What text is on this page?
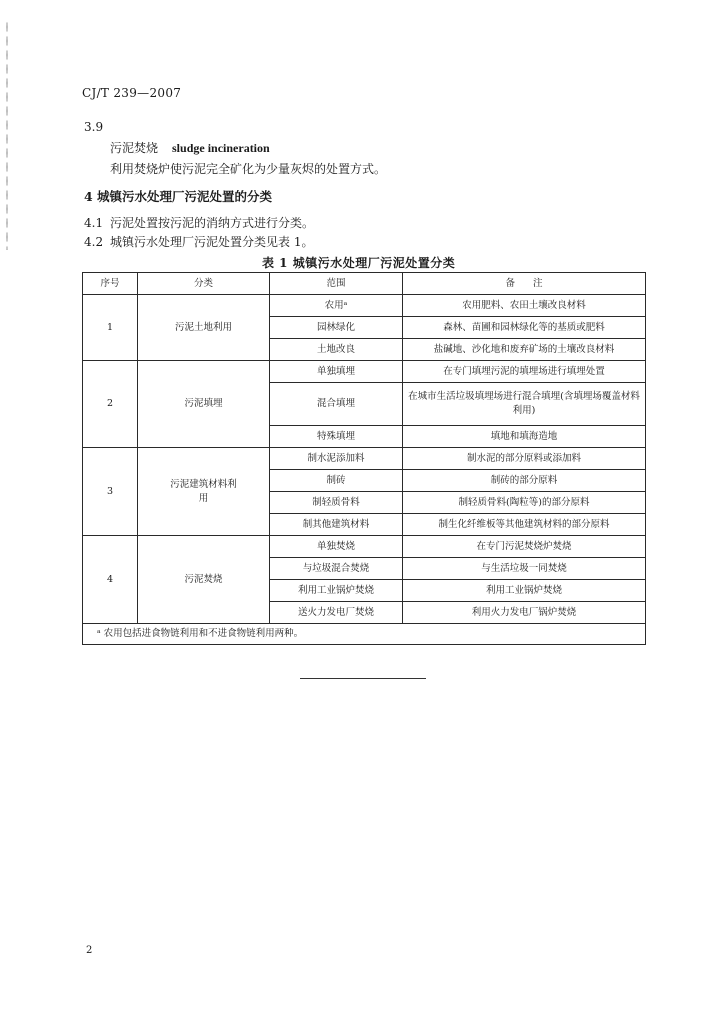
CJ/T 239—2007
3.9
污泥焚烧 sludge incineration
利用焚烧炉使污泥完全矿化为少量灰烬的处置方式。
4 城镇污水处理厂污泥处置的分类
4.1 污泥处置按污泥的消纳方式进行分类。
4.2 城镇污水处理厂污泥处置分类见表 1。
表 1 城镇污水处理厂污泥处置分类
序号	分类	范围	备      注
1	污泥土地利用	农用ᵃ	农用肥料、农田土壤改良材料
		园林绿化	森林、苗圃和园林绿化等的基质或肥料
		土地改良	盐碱地、沙化地和废弃矿场的土壤改良材料
2	污泥填埋	单独填埋	在专门填埋污泥的填埋场进行填埋处置
		混合填埋	在城市生活垃圾填埋场进行混合填埋(含填埋场覆盖材料利用)
		特殊填埋	填地和填海造地
3	污泥建筑材料利用	制水泥添加料	制水泥的部分原料或添加料
		制砖	制砖的部分原料
		制轻质骨料	制轻质骨料(陶粒等)的部分原料
		制其他建筑材料	制生化纤维板等其他建筑材料的部分原料
4	污泥焚烧	单独焚烧	在专门污泥焚烧炉焚烧
		与垃圾混合焚烧	与生活垃圾一同焚烧
		利用工业锅炉焚烧	利用工业锅炉焚烧
		送火力发电厂焚烧	利用火力发电厂锅炉焚烧
ᵃ 农用包括进食物链利用和不进食物链利用两种。			
2
